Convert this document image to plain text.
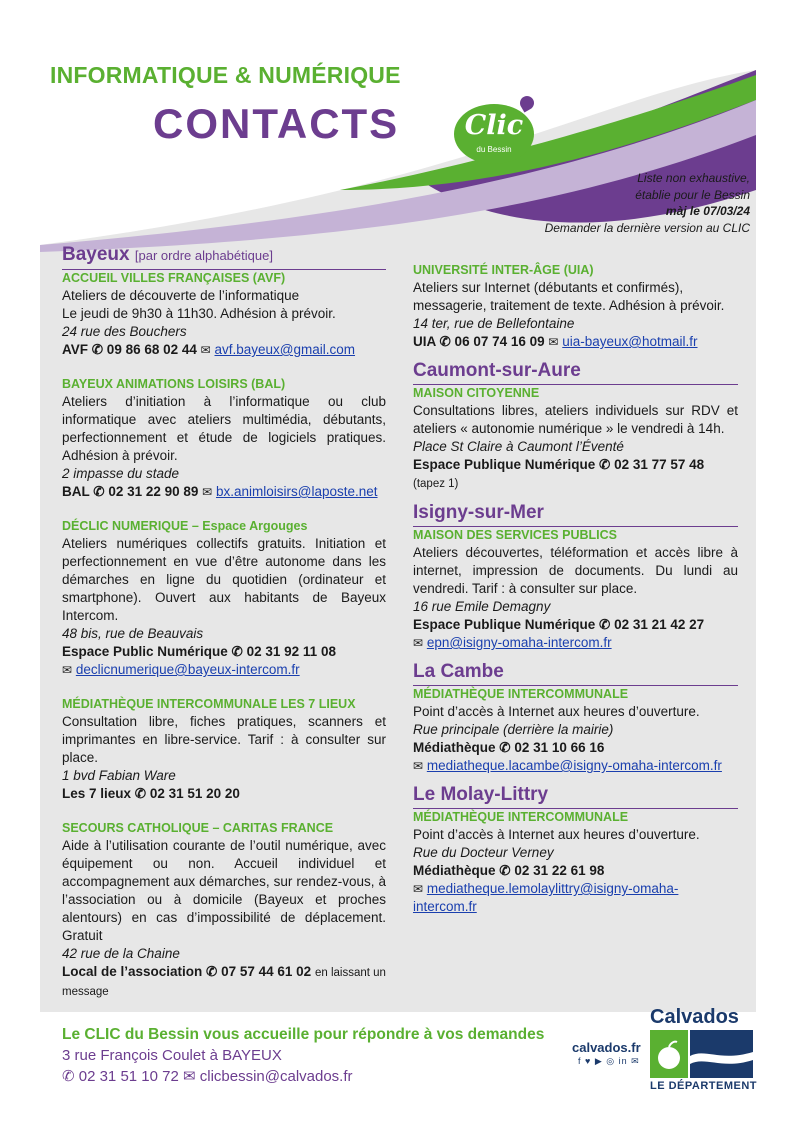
INFORMATIQUE & NUMÉRIQUE
CONTACTS	Clic
du Bessin
Liste non exhaustive,
établie pour le Bessin
màj le 07/03/24
Demander la dernière version au CLIC

Bayeux [par ordre alphabétique]

ACCUEIL VILLES FRANÇAISES (AVF)

Ateliers de découverte de l’informatique

Le jeudi de 9h30 à 11h30. Adhésion à prévoir.

24 rue des Bouchers

AVF ✆ 09 86 68 02 44 ✉ avf.bayeux@gmail.com

BAYEUX ANIMATIONS LOISIRS (BAL)

Ateliers d’initiation à l’informatique ou club informatique avec ateliers multimédia, débutants, perfectionnement et étude de logiciels pratiques. Adhésion à prévoir.

2 impasse du stade

BAL ✆ 02 31 22 90 89 ✉ bx.animloisirs@laposte.net

DÉCLIC NUMERIQUE – Espace Argouges

Ateliers numériques collectifs gratuits. Initiation et perfectionnement en vue d’être autonome dans les démarches en ligne du quotidien (ordinateur et smartphone). Ouvert aux habitants de Bayeux Intercom.

48 bis, rue de Beauvais

Espace Public Numérique ✆ 02 31 92 11 08

✉ declicnumerique@bayeux-intercom.fr

MÉDIATHÈQUE INTERCOMMUNALE LES 7 LIEUX

Consultation libre, fiches pratiques, scanners et imprimantes en libre-service. Tarif : à consulter sur place.

1 bvd Fabian Ware

Les 7 lieux ✆ 02 31 51 20 20

SECOURS CATHOLIQUE – CARITAS FRANCE

Aide à l’utilisation courante de l’outil numérique, avec équipement ou non. Accueil individuel et accompagnement aux démarches, sur rendez-vous, à l’association ou à domicile (Bayeux et proches alentours) en cas d’impossibilité de déplacement. Gratuit

42 rue de la Chaine

Local de l’association ✆ 07 57 44 61 02 en laissant un message

UNIVERSITÉ INTER-ÂGE (UIA)

Ateliers sur Internet (débutants et confirmés), messagerie, traitement de texte. Adhésion à prévoir.

14 ter, rue de Bellefontaine

UIA ✆ 06 07 74 16 09 ✉ uia-bayeux@hotmail.fr

Caumont-sur-Aure

MAISON CITOYENNE

Consultations libres, ateliers individuels sur RDV et ateliers « autonomie numérique » le vendredi à 14h.

Place St Claire à Caumont l’Éventé

Espace Publique Numérique ✆ 02 31 77 57 48 (tapez 1)

Isigny-sur-Mer

MAISON DES SERVICES PUBLICS

Ateliers découvertes, téléformation et accès libre à internet, impression de documents. Du lundi au vendredi. Tarif : à consulter sur place.

16 rue Emile Demagny

Espace Publique Numérique ✆ 02 31 21 42 27

✉ epn@isigny-omaha-intercom.fr

La Cambe

MÉDIATHÈQUE INTERCOMMUNALE

Point d’accès à Internet aux heures d’ouverture.

Rue principale (derrière la mairie)

Médiathèque ✆ 02 31 10 66 16

✉ mediatheque.lacambe@isigny-omaha-intercom.fr

Le Molay-Littry

MÉDIATHÈQUE INTERCOMMUNALE

Point d’accès à Internet aux heures d’ouverture.

Rue du Docteur Verney

Médiathèque ✆ 02 31 22 61 98

✉ mediatheque.lemolaylittry@isigny-omaha-intercom.fr

Le CLIC du Bessin vous accueille pour répondre à vos demandes
3 rue François Coulet à BAYEUX
✆ 02 31 51 10 72 ✉ clicbessin@calvados.fr
calvados.fr
f ♥ ▶ ◎ in ✉
Calvados
LE DÉPARTEMENT
